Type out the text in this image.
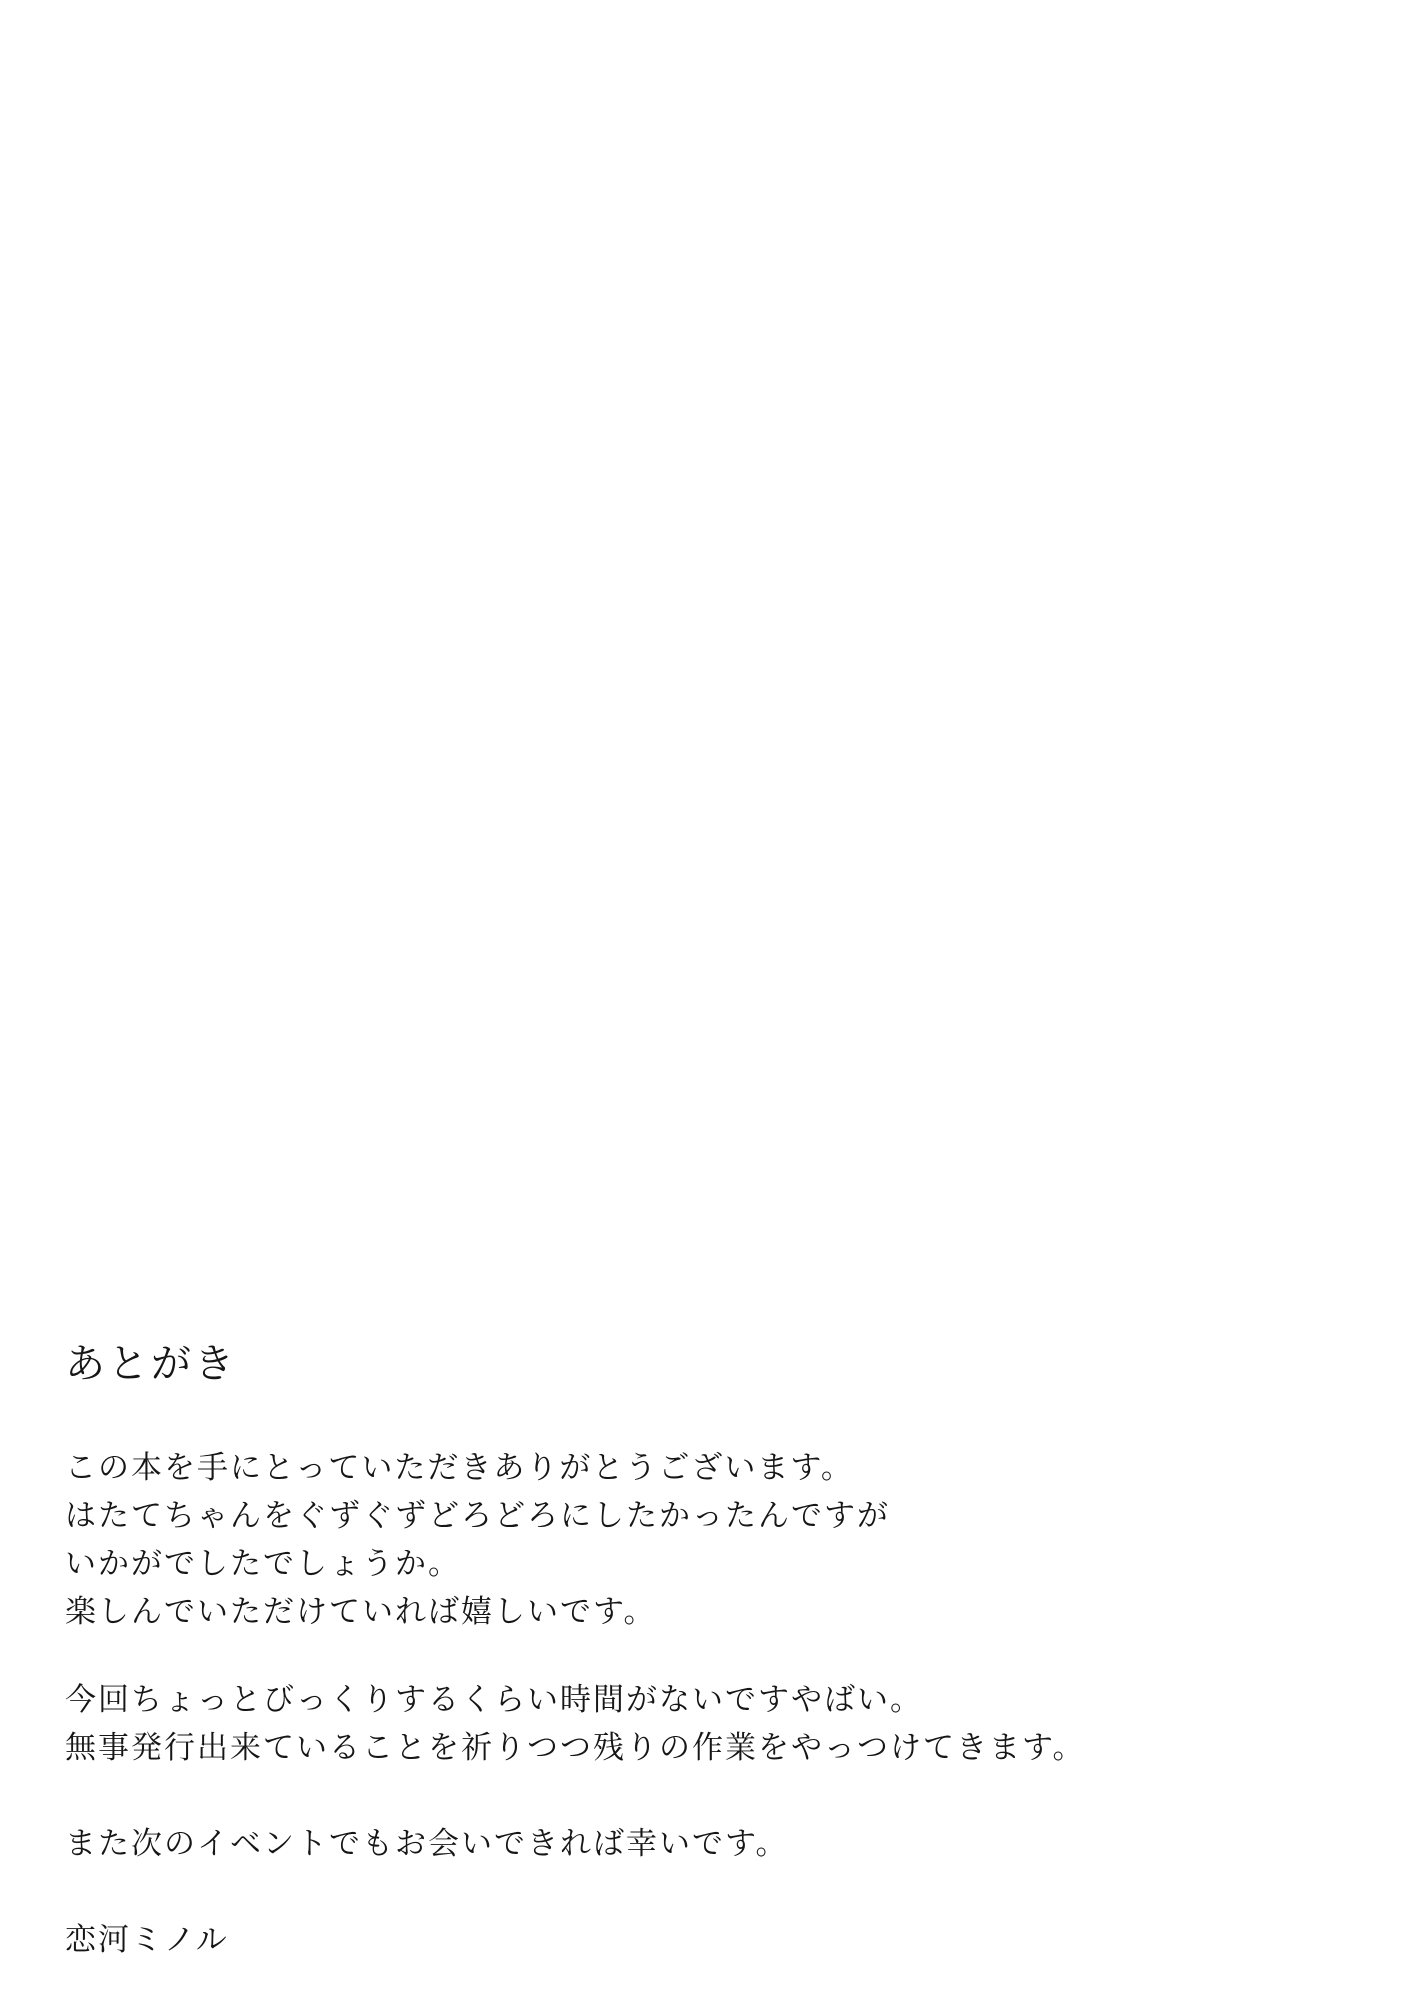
あとがき
この本を手にとっていただきありがとうございます。
はたてちゃんをぐずぐずどろどろにしたかったんですが
いかがでしたでしょうか。
楽しんでいただけていれば嬉しいです。
今回ちょっとびっくりするくらい時間がないですやばい。
無事発行出来ていることを祈りつつ残りの作業をやっつけてきます。
また次のイベントでもお会いできれば幸いです。
恋河ミノル
